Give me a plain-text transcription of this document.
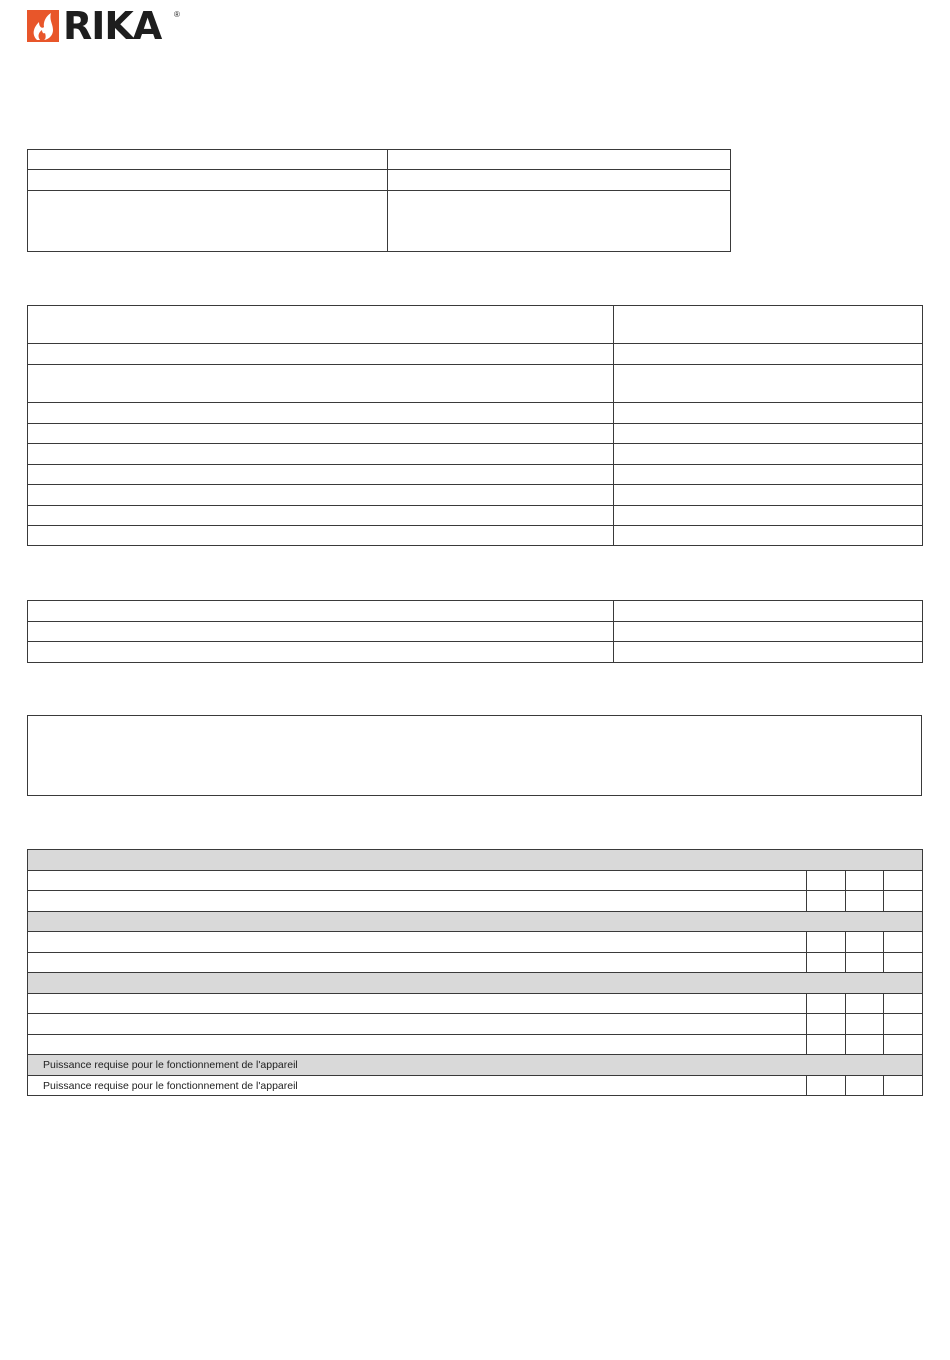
RIKA ®

Puissance requise pour le fonctionnement de l'appareil			
Puissance requise pour le fonctionnement de l'appareil			
